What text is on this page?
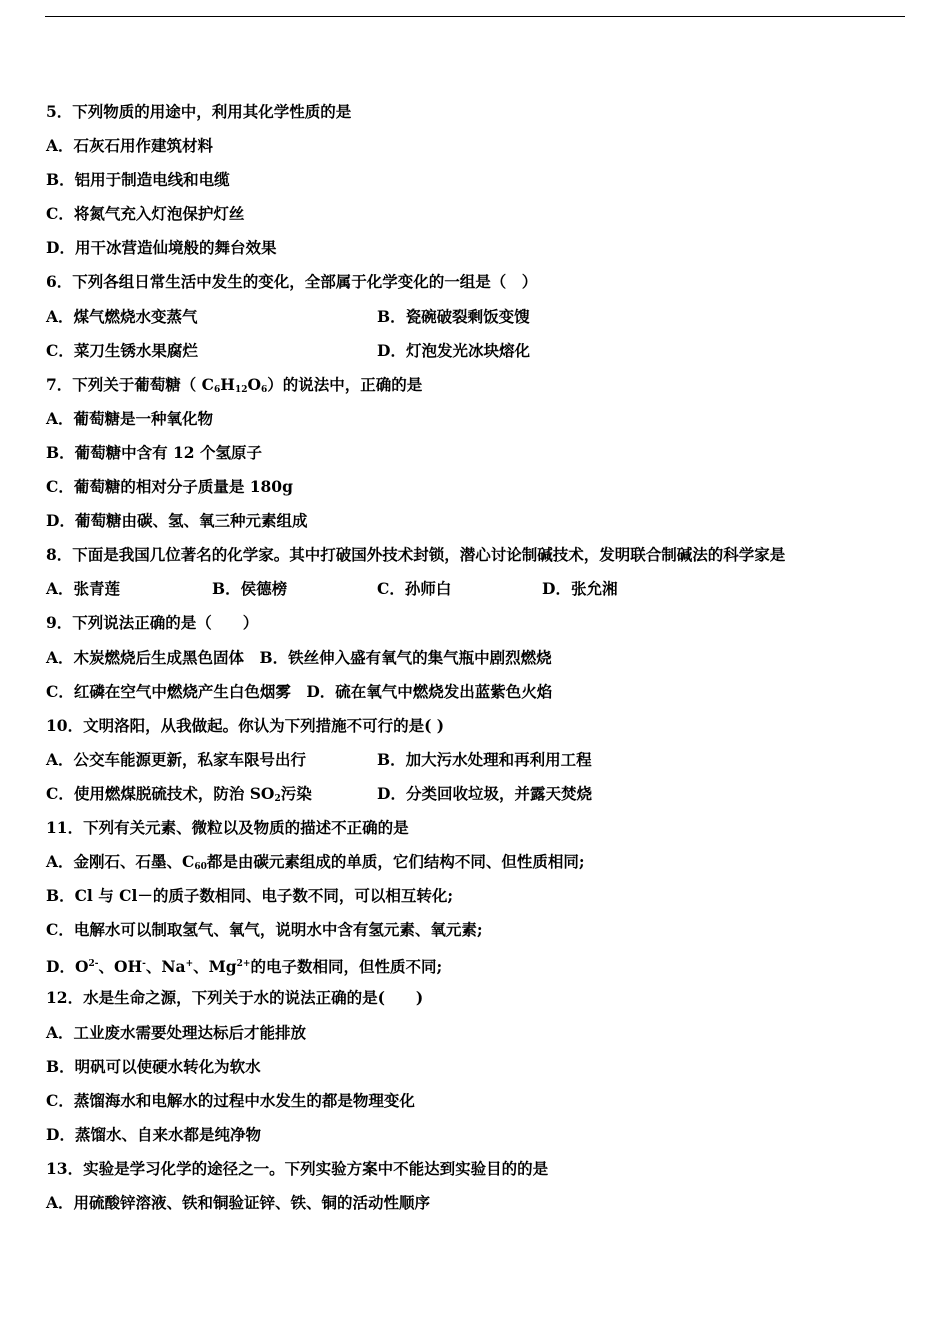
5．下列物质的用途中，利用其化学性质的是
A．石灰石用作建筑材料
B．铝用于制造电线和电缆
C．将氮气充入灯泡保护灯丝
D．用干冰营造仙境般的舞台效果
6．下列各组日常生活中发生的变化，全部属于化学变化的一组是（　）
A．煤气燃烧水变蒸气	B．瓷碗破裂剩饭变馊
C．菜刀生锈水果腐烂	D．灯泡发光冰块熔化
7．下列关于葡萄糖（ $C_6H_{12}O_6$）的说法中，正确的是
A．葡萄糖是一种氧化物
B．葡萄糖中含有 12 个氢原子
C．葡萄糖的相对分子质量是 180g
D．葡萄糖由碳、氢、氧三种元素组成
8．下面是我国几位著名的化学家。其中打破国外技术封锁，潜心讨论制碱技术，发明联合制碱法的科学家是
A．张青莲	B．侯德榜	C．孙师白	D．张允湘
9．下列说法正确的是（　　）
A．木炭燃烧后生成黑色固体　B．铁丝伸入盛有氧气的集气瓶中剧烈燃烧
C．红磷在空气中燃烧产生白色烟雾　D．硫在氧气中燃烧发出蓝紫色火焰
10．文明洛阳，从我做起。你认为下列措施不可行的是( )
A．公交车能源更新，私家车限号出行	B．加大污水处理和再利用工程
C．使用燃煤脱硫技术，防治 $SO_2$污染	D．分类回收垃圾，并露天焚烧
11．下列有关元素、微粒以及物质的描述不正确的是
A．金刚石、石墨、$C_{60}$都是由碳元素组成的单质，它们结构不同、但性质相同;
B．Cl 与 Cl－的质子数相同、电子数不同，可以相互转化;
C．电解水可以制取氢气、氧气，说明水中含有氢元素、氧元素;
D．$O^{2-}$、OH-、Na+、$Mg^{2+}$的电子数相同，但性质不同;
12．水是生命之源，下列关于水的说法正确的是(　　)
A．工业废水需要处理达标后才能排放
B．明矾可以使硬水转化为软水
C．蒸馏海水和电解水的过程中水发生的都是物理变化
D．蒸馏水、自来水都是纯净物
13．实验是学习化学的途径之一。下列实验方案中不能达到实验目的的是
A．用硫酸锌溶液、铁和铜验证锌、铁、铜的活动性顺序
